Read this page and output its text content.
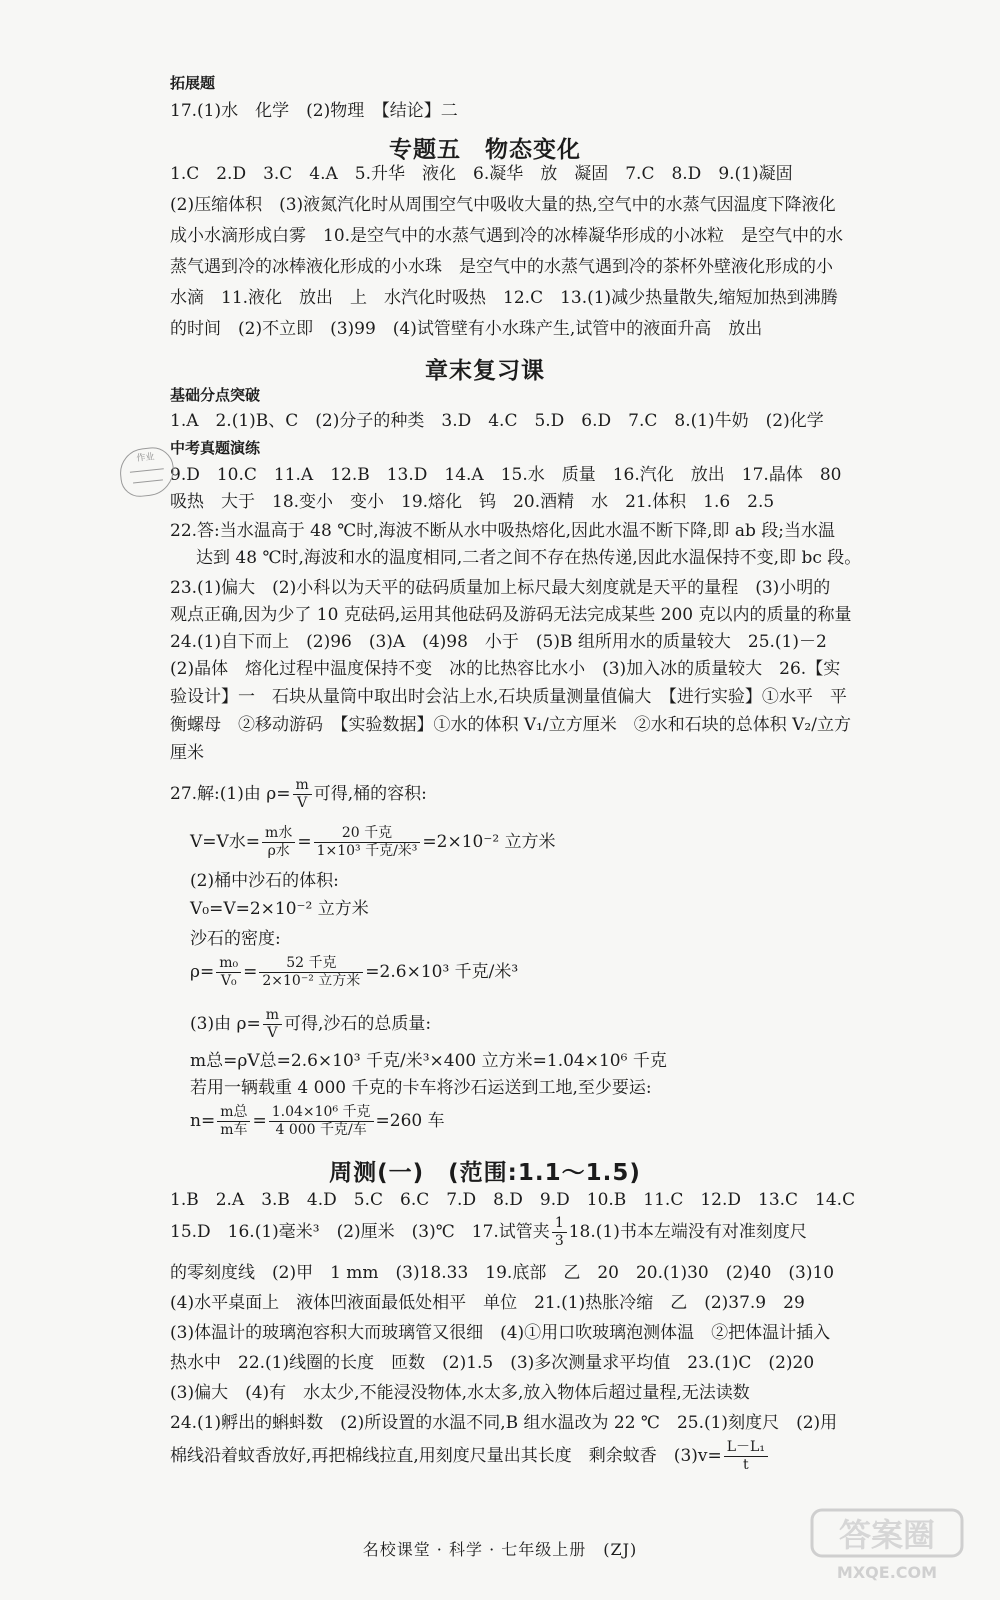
拓展题
17.(1)水　化学　(2)物理　【结论】二
专题五　物态变化
1.C　2.D　3.C　4.A　5.升华　液化　6.凝华　放　凝固　7.C　8.D　9.(1)凝固
(2)压缩体积　(3)液氮汽化时从周围空气中吸收大量的热,空气中的水蒸气因温度下降液化
成小水滴形成白雾　10.是空气中的水蒸气遇到冷的冰棒凝华形成的小冰粒　是空气中的水
蒸气遇到冷的冰棒液化形成的小水珠　是空气中的水蒸气遇到冷的茶杯外壁液化形成的小
水滴　11.液化　放出　上　水汽化时吸热　12.C　13.(1)减少热量散失,缩短加热到沸腾
的时间　(2)不立即　(3)99　(4)试管壁有小水珠产生,试管中的液面升高　放出
章末复习课
基础分点突破
1.A　2.(1)B、C　(2)分子的种类　3.D　4.C　5.D　6.D　7.C　8.(1)牛奶　(2)化学
中考真题演练
9.D　10.C　11.A　12.B　13.D　14.A　15.水　质量　16.汽化　放出　17.晶体　80
吸热　大于　18.变小　变小　19.熔化　钨　20.酒精　水　21.体积　1.6　2.5
作业

22.答:当水温高于 48 ℃时,海波不断从水中吸热熔化,因此水温不断下降,即 ab 段;当水温
达到 48 ℃时,海波和水的温度相同,二者之间不存在热传递,因此水温保持不变,即 bc 段。
23.(1)偏大　(2)小科以为天平的砝码质量加上标尺最大刻度就是天平的量程　(3)小明的
观点正确,因为少了 10 克砝码,运用其他砝码及游码无法完成某些 200 克以内的质量的称量
24.(1)自下而上　(2)96　(3)A　(4)98　小于　(5)B 组所用水的质量较大　25.(1)－2
(2)晶体　熔化过程中温度保持不变　冰的比热容比水小　(3)加入冰的质量较大　26.【实
验设计】一　石块从量筒中取出时会沾上水,石块质量测量值偏大　【进行实验】①水平　平
衡螺母　②移动游码　【实验数据】①水的体积 V₁/立方厘米　②水和石块的总体积 V₂/立方
厘米
27.解:(1)由 $\rho= \frac{m}{V}$ 可得,桶的容积:
V=V水= $\frac{\text{m水}}{\text{ρ水}} = \frac{\text{20 千克}}{\text{1×10³ 千克/米³}} =2\times 10^{-2}$ 立方米
(2)桶中沙石的体积:
V₀=V=2×10⁻² 立方米
沙石的密度:
$\rho= \frac{\text{m₀}}{\text{V₀}} = \frac{\text{52 千克}}{\text{2×10⁻² 立方米}} =2.6\times 10^3$ 千克/米³
(3)由 $\rho= \frac{m}{V}$ 可得,沙石的总质量:
m总=ρV总=2.6×10³ 千克/米³×400 立方米=1.04×10⁶ 千克
若用一辆载重 4 000 千克的卡车将沙石运送到工地,至少要运:
$n= \frac{\text{m总}}{\text{m车}} = \frac{\text{1.04×10⁶ 千克}}{\text{4 000 千克/车}} =260$ 车
周测(一)　(范围:1.1～1.5)
1.B　2.A　3.B　4.D　5.C　6.C　7.D　8.D　9.D　10.B　11.C　12.D　13.C　14.C
15.D　16.(1)毫米³　(2)厘米　(3)℃　17.试管夹 $\frac{1}{3} 18.(1)$书本左端没有对准刻度尺
的零刻度线　(2)甲　1 mm　(3)18.33　19.底部　乙　20　20.(1)30　(2)40　(3)10
(4)水平桌面上　液体凹液面最低处相平　单位　21.(1)热胀冷缩　乙　(2)37.9　29
(3)体温计的玻璃泡容积大而玻璃管又很细　(4)①用口吹玻璃泡测体温　②把体温计插入
热水中　22.(1)线圈的长度　匝数　(2)1.5　(3)多次测量求平均值　23.(1)C　(2)20
(3)偏大　(4)有　水太少,不能浸没物体,水太多,放入物体后超过量程,无法读数
24.(1)孵出的蝌蚪数　(2)所设置的水温不同,B 组水温改为 22 ℃　25.(1)刻度尺　(2)用
棉线沿着蚊香放好,再把棉线拉直,用刻度尺量出其长度　剩余蚊香　$(3)v= \frac{\text{L－L₁}}{t}$
名校课堂 · 科学 · 七年级上册　(ZJ)	答案圈
MXQE.COM
